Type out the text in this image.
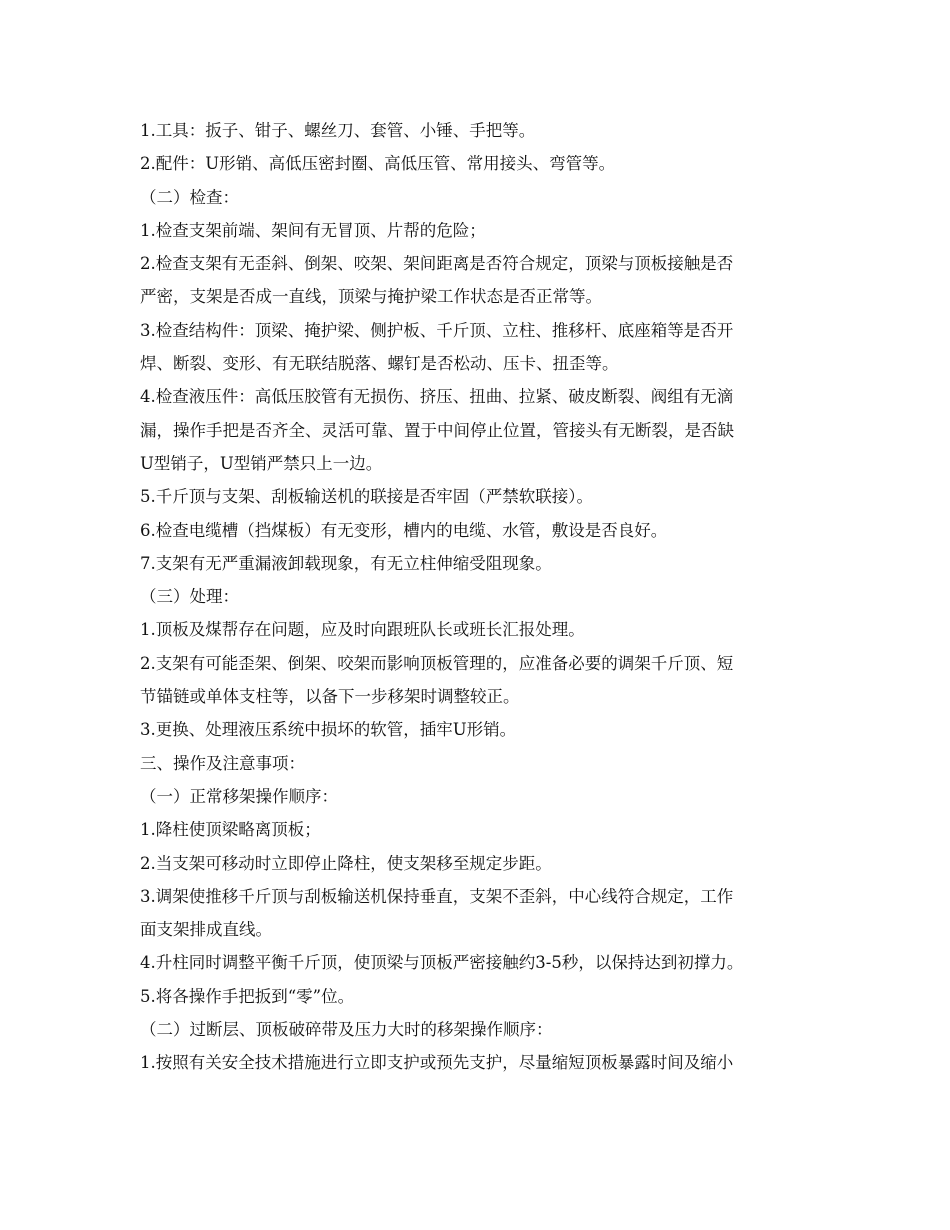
1.工具：扳子、钳子、螺丝刀、套管、小锤、手把等。

2.配件：U形销、高低压密封圈、高低压管、常用接头、弯管等。

（二）检查：

1.检查支架前端、架间有无冒顶、片帮的危险；

2.检查支架有无歪斜、倒架、咬架、架间距离是否符合规定，顶梁与顶板接触是否

严密，支架是否成一直线，顶梁与掩护梁工作状态是否正常等。

3.检查结构件：顶梁、掩护梁、侧护板、千斤顶、立柱、推移杆、底座箱等是否开

焊、断裂、变形、有无联结脱落、螺钉是否松动、压卡、扭歪等。

4.检查液压件：高低压胶管有无损伤、挤压、扭曲、拉紧、破皮断裂、阀组有无滴

漏，操作手把是否齐全、灵活可靠、置于中间停止位置，管接头有无断裂，是否缺

U型销子，U型销严禁只上一边。

5.千斤顶与支架、刮板输送机的联接是否牢固（严禁软联接）。

6.检查电缆槽（挡煤板）有无变形，槽内的电缆、水管，敷设是否良好。

7.支架有无严重漏液卸载现象，有无立柱伸缩受阻现象。

（三）处理：

1.顶板及煤帮存在问题，应及时向跟班队长或班长汇报处理。

2.支架有可能歪架、倒架、咬架而影响顶板管理的，应准备必要的调架千斤顶、短

节锚链或单体支柱等，以备下一步移架时调整较正。

3.更换、处理液压系统中损坏的软管，插牢U形销。

三、操作及注意事项：

（一）正常移架操作顺序：

1.降柱使顶梁略离顶板；

2.当支架可移动时立即停止降柱，使支架移至规定步距。

3.调架使推移千斤顶与刮板输送机保持垂直，支架不歪斜，中心线符合规定，工作

面支架排成直线。

4.升柱同时调整平衡千斤顶，使顶梁与顶板严密接触约3-5秒，以保持达到初撑力。

5.将各操作手把扳到“零”位。

（二）过断层、顶板破碎带及压力大时的移架操作顺序：

1.按照有关安全技术措施进行立即支护或预先支护，尽量缩短顶板暴露时间及缩小
